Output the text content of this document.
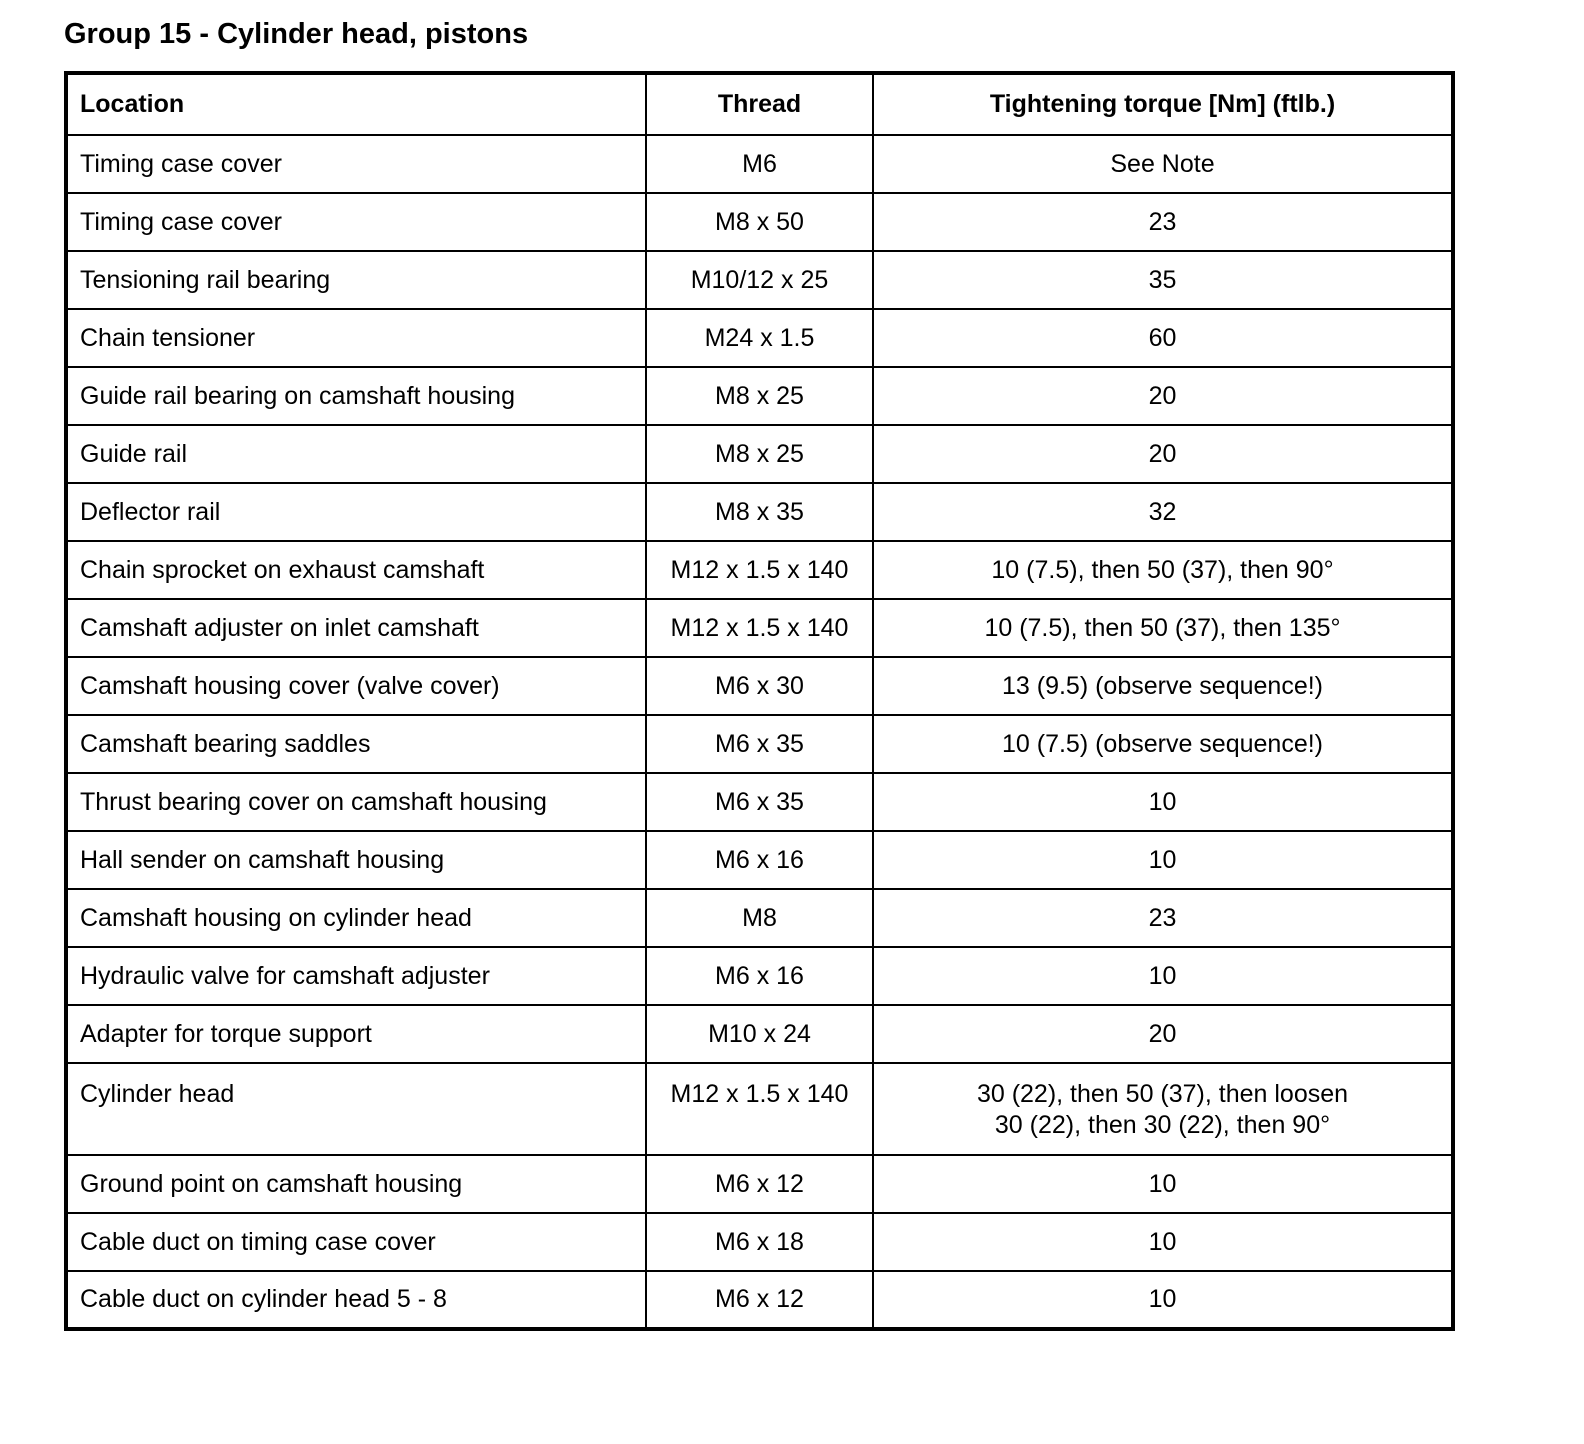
Group 15 - Cylinder head, pistons
Location	Thread	Tightening torque [Nm] (ftlb.)
Timing case cover	M6	See Note
Timing case cover	M8 x 50	23
Tensioning rail bearing	M10/12 x 25	35
Chain tensioner	M24 x 1.5	60
Guide rail bearing on camshaft housing	M8 x 25	20
Guide rail	M8 x 25	20
Deflector rail	M8 x 35	32
Chain sprocket on exhaust camshaft	M12 x 1.5 x 140	10 (7.5), then 50 (37), then 90°
Camshaft adjuster on inlet camshaft	M12 x 1.5 x 140	10 (7.5), then 50 (37), then 135°
Camshaft housing cover (valve cover)	M6 x 30	13 (9.5) (observe sequence!)
Camshaft bearing saddles	M6 x 35	10 (7.5) (observe sequence!)
Thrust bearing cover on camshaft housing	M6 x 35	10
Hall sender on camshaft housing	M6 x 16	10
Camshaft housing on cylinder head	M8	23
Hydraulic valve for camshaft adjuster	M6 x 16	10
Adapter for torque support	M10 x 24	20
Cylinder head	M12 x 1.5 x 140	30 (22), then 50 (37), then loosen
30 (22), then 30 (22), then 90°

Ground point on camshaft housing	M6 x 12	10
Cable duct on timing case cover	M6 x 18	10
Cable duct on cylinder head 5 - 8	M6 x 12	10
